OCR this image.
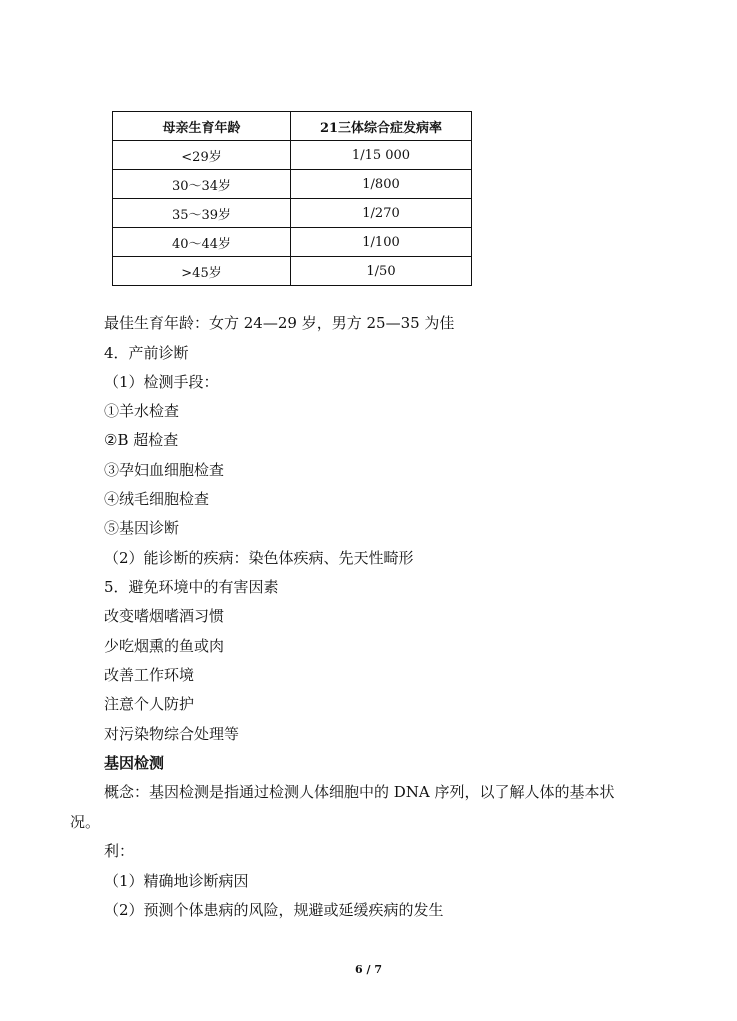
母亲生育年龄	21三体综合症发病率
<29岁	1/15 000
30～34岁	1/800
35～39岁	1/270
40～44岁	1/100
>45岁	1/50
最佳生育年龄：女方 24—29 岁，男方 25—35 为佳
4．产前诊断
（1）检测手段：
①羊水检查
②B 超检查
③孕妇血细胞检查
④绒毛细胞检查
⑤基因诊断
（2）能诊断的疾病：染色体疾病、先天性畸形
5．避免环境中的有害因素
改变嗜烟嗜酒习惯
少吃烟熏的鱼或肉
改善工作环境
注意个人防护
对污染物综合处理等
基因检测
概念：基因检测是指通过检测人体细胞中的 DNA 序列，以了解人体的基本状
况。
利：
（1）精确地诊断病因
（2）预测个体患病的风险，规避或延缓疾病的发生
6 / 7
